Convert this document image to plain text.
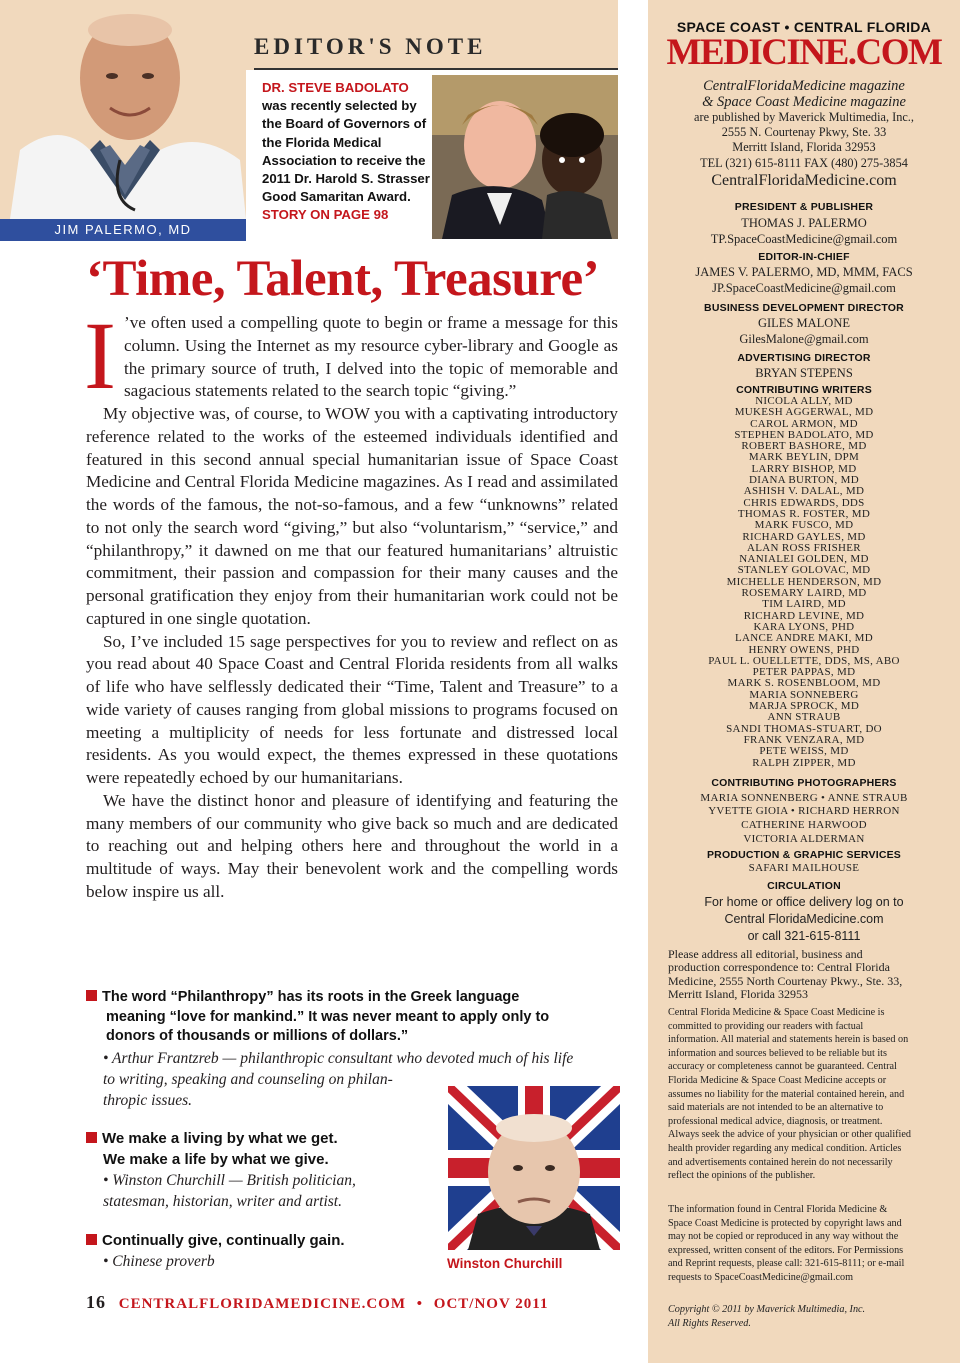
EDITOR'S NOTE
JIM PALERMO, MD
DR. STEVE BADOLATO
was recently selected by the Board of Governors of the Florida Medical Association to receive the 2011 Dr. Harold S. Strasser Good Samaritan Award.
STORY ON PAGE 98
‘Time, Talent, Treasure’

I ’ve often used a compelling quote to begin or frame a message for this column. Using the Internet as my resource cyber-library and Google as the primary source of truth, I delved into the topic of memorable and sagacious statements related to the search topic “giving.”

My objective was, of course, to WOW you with a captivating introductory reference related to the works of the esteemed individuals identified and featured in this second annual special humanitarian issue of Space Coast Medicine and Central Florida Medicine magazines. As I read and assimilated the words of the famous, the not-so-famous, and a few “unknowns” related to not only the search word “giving,” but also “voluntarism,” “service,” and “philanthropy,” it dawned on me that our featured humanitarians’ altruistic commitment, their passion and compassion for their many causes and the personal gratification they enjoy from their humanitarian work could not be captured in one single quotation.

So, I’ve included 15 sage perspectives for you to review and reflect on as you read about 40 Space Coast and Central Florida residents from all walks of life who have selflessly dedicated their “Time, Talent and Treasure” to a wide variety of causes ranging from global missions to programs focused on meeting a multiplicity of needs for less fortunate and distressed local residents. As you would expect, the themes expressed in these quotations were repeatedly echoed by our humanitarians.

We have the distinct honor and pleasure of identifying and featuring the many members of our community who give back so much and are dedicated to reaching out and helping others here and throughout the world in a multitude of ways. May their benevolent work and the compelling words below inspire us all.

The word “Philanthropy” has its roots in the Greek language
meaning “love for mankind.” It was never meant to apply only to
donors of thousands or millions of dollars.”
• Arthur Frantzreb — philanthropic consultant who devoted much of his life
to writing, speaking and counseling on philan-
thropic issues.
We make a living by what we get.
We make a life by what we give.
• Winston Churchill — British politician,
statesman, historian, writer and artist.
Continually give, continually gain.
• Chinese proverb	Winston Churchill
16 CENTRALFLORIDAMEDICINE.COM • OCT/NOV 2011
SPACE COAST • CENTRAL FLORIDA
MEDICINE.COM
CentralFloridaMedicine magazine
& Space Coast Medicine magazine
are published by Maverick Multimedia, Inc.,
2555 N. Courtenay Pkwy, Ste. 33
Merritt Island, Florida 32953
TEL (321) 615-8111 FAX (480) 275-3854
CentralFloridaMedicine.com
PRESIDENT & PUBLISHER
THOMAS J. PALERMO
TP.SpaceCoastMedicine@gmail.com
EDITOR-IN-CHIEF
JAMES V. PALERMO, MD, MMM, FACS
JP.SpaceCoastMedicine@gmail.com
BUSINESS DEVELOPMENT DIRECTOR
GILES MALONE
GilesMalone@gmail.com
ADVERTISING DIRECTOR
BRYAN STEPENS
CONTRIBUTING WRITERS
NICOLA ALLY, MD
MUKESH AGGERWAL, MD
CAROL ARMON, MD
STEPHEN BADOLATO, MD
ROBERT BASHORE, MD
MARK BEYLIN, DPM
LARRY BISHOP, MD
DIANA BURTON, MD
ASHISH V. DALAL, MD
CHRIS EDWARDS, DDS
THOMAS R. FOSTER, MD
MARK FUSCO, MD
RICHARD GAYLES, MD
ALAN ROSS FRISHER
NANIALEI GOLDEN, MD
STANLEY GOLOVAC, MD
MICHELLE HENDERSON, MD
ROSEMARY LAIRD, MD
TIM LAIRD, MD
RICHARD LEVINE, MD
KARA LYONS, PHD
LANCE ANDRE MAKI, MD
HENRY OWENS, PHD
PAUL L. OUELLETTE, DDS, MS, ABO
PETER PAPPAS, MD
MARK S. ROSENBLOOM, MD
MARIA SONNEBERG
MARJA SPROCK, MD
ANN STRAUB
SANDI THOMAS-STUART, DO
FRANK VENZARA, MD
PETE WEISS, MD
RALPH ZIPPER, MD
CONTRIBUTING PHOTOGRAPHERS
MARIA SONNENBERG • ANNE STRAUB
YVETTE GIOIA • RICHARD HERRON
CATHERINE HARWOOD
VICTORIA ALDERMAN
PRODUCTION & GRAPHIC SERVICES
SAFARI MAILHOUSE
CIRCULATION
For home or office delivery log on to
Central FloridaMedicine.com
or call 321-615-8111
Please address all editorial, business and production correspondence to: Central Florida Medicine, 2555 North Courtenay Pkwy., Ste. 33, Merritt Island, Florida 32953
Central Florida Medicine & Space Coast Medicine is committed to providing our readers with factual information. All material and statements herein is based on information and sources believed to be reliable but its accuracy or completeness cannot be guaranteed. Central Florida Medicine & Space Coast Medicine accepts or assumes no liability for the material contained herein, and said materials are not intended to be an alternative to professional medical advice, diagnosis, or treatment. Always seek the advice of your physician or other qualified health provider regarding any medical condition. Articles and advertisements contained herein do not necessarily reflect the opinions of the publisher.
The information found in Central Florida Medicine & Space Coast Medicine is protected by copyright laws and may not be copied or reproduced in any way without the expressed, written consent of the editors. For Permissions and Reprint requests, please call: 321-615-8111; or e-mail requests to SpaceCoastMedicine@gmail.com
Copyright © 2011 by Maverick Multimedia, Inc.
All Rights Reserved.
